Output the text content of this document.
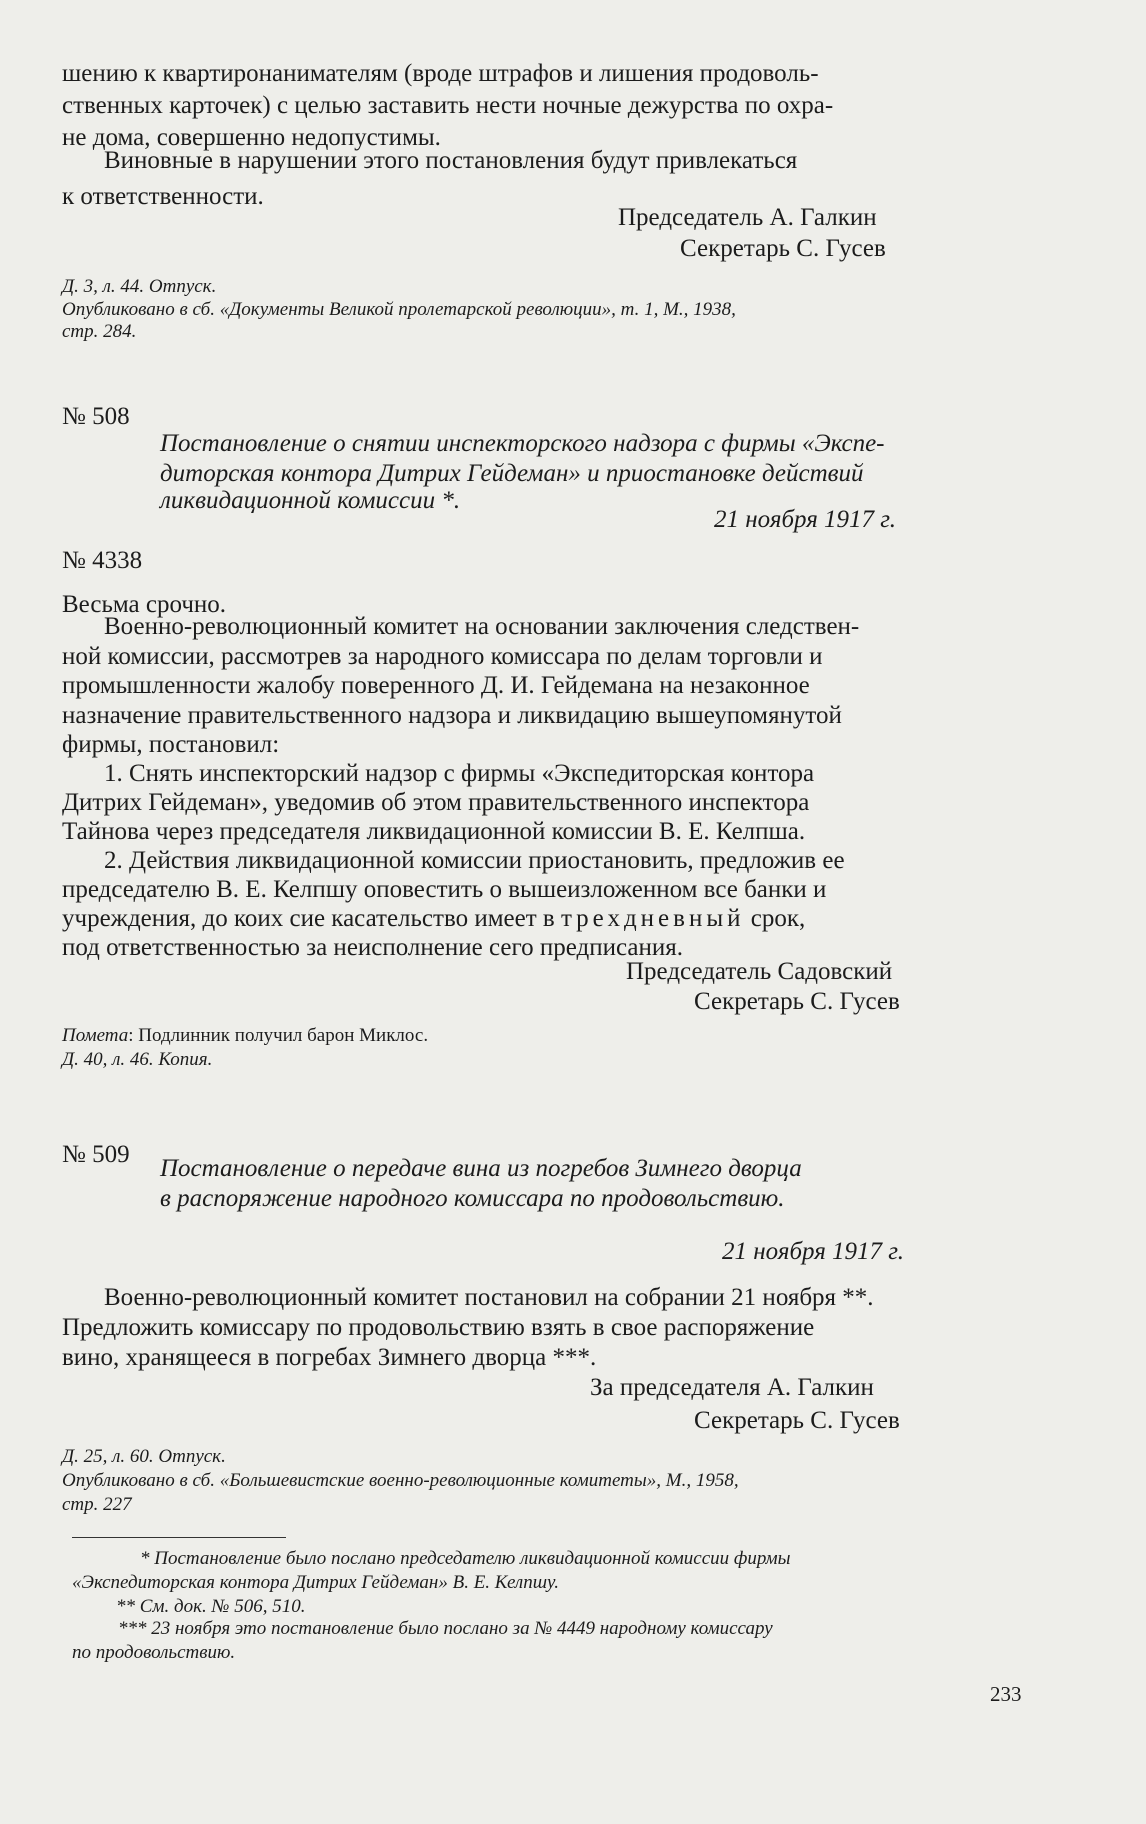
шению к квартиронанимателям (вроде штрафов и лишения продоволь-
ственных карточек) с целью заставить нести ночные дежурства по охра-
не дома, совершенно недопустимы.
Виновные в нарушении этого постановления будут привлекаться
к ответственности.
Председатель А. Галкин
Секретарь С. Гусев
Д. 3, л. 44. Отпуск.
Опубликовано в сб. «Документы Великой пролетарской революции», т. 1, М., 1938,
стр. 284.
№ 508
Постановление о снятии инспекторского надзора с фирмы «Экспе-
диторская контора Дитрих Гейдеман» и приостановке действий
ликвидационной комиссии *.
21 ноября 1917 г.
№ 4338
Весьма срочно.
Военно-революционный комитет на основании заключения следствен-
ной комиссии, рассмотрев за народного комиссара по делам торговли и
промышленности жалобу поверенного Д. И. Гейдемана на незаконное
назначение правительственного надзора и ликвидацию вышеупомянутой
фирмы, постановил:
1. Снять инспекторский надзор с фирмы «Экспедиторская контора
Дитрих Гейдеман», уведомив об этом правительственного инспектора
Тайнова через председателя ликвидационной комиссии В. Е. Келпша.
2. Действия ликвидационной комиссии приостановить, предложив ее
председателю В. Е. Келпшу оповестить о вышеизложенном все банки и
учреждения, до коих сие касательство имеет в трехдневный срок,
под ответственностью за неисполнение сего предписания.
Председатель Садовский
Секретарь С. Гусев
Помета: Подлинник получил барон Миклос.
Д. 40, л. 46. Копия.
№ 509
Постановление о передаче вина из погребов Зимнего дворца
в распоряжение народного комиссара по продовольствию.
21 ноября 1917 г.
Военно-революционный комитет постановил на собрании 21 ноября **.
Предложить комиссару по продовольствию взять в свое распоряжение
вино, хранящееся в погребах Зимнего дворца ***.
За председателя А. Галкин
Секретарь С. Гусев
Д. 25, л. 60. Отпуск.
Опубликовано в сб. «Большевистские военно-революционные комитеты», М., 1958,
стр. 227
* Постановление было послано председателю ликвидационной комиссии фирмы
«Экспедиторская контора Дитрих Гейдеман» В. Е. Келпшу.
** См. док. № 506, 510.
*** 23 ноября это постановление было послано за № 4449 народному комиссару
по продовольствию.
233
